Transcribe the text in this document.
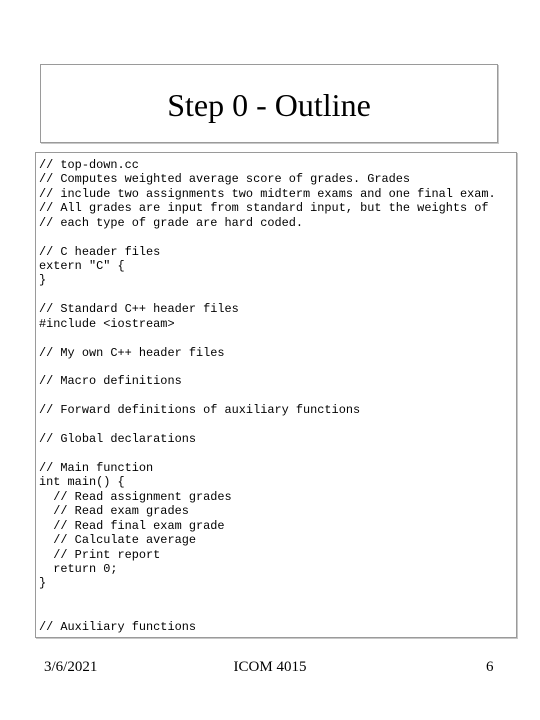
Step 0 - Outline
// top-down.cc
// Computes weighted average score of grades. Grades
// include two assignments two midterm exams and one final exam.
// All grades are input from standard input, but the weights of
// each type of grade are hard coded.
// C header files
extern "C" {
}
// Standard C++ header files
#include <iostream>
// My own C++ header files
// Macro definitions
// Forward definitions of auxiliary functions
// Global declarations
// Main function
int main() {
// Read assignment grades
// Read exam grades
// Read final exam grade
// Calculate average
// Print report
return 0;
}
// Auxiliary functions
3/6/2021	ICOM 4015	6
